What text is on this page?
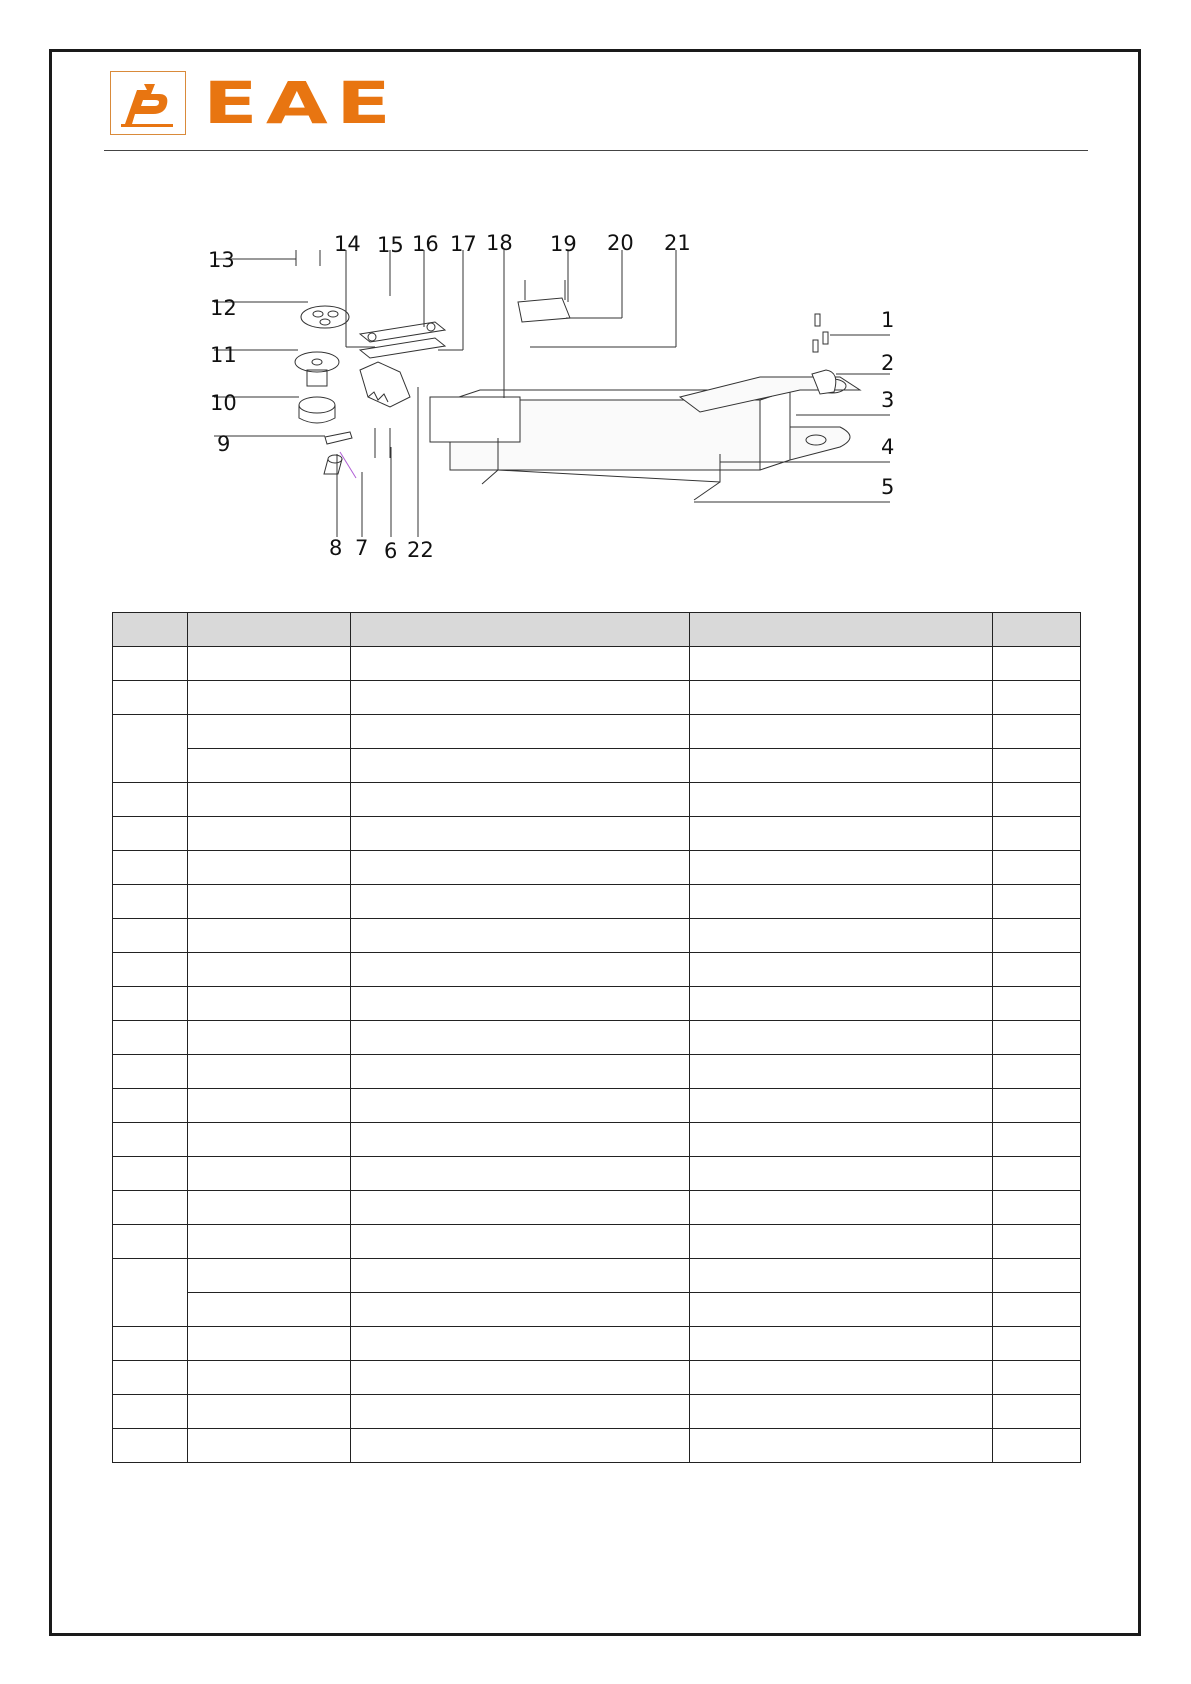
EAE
1
2
3
4
5
6
7
8
9
10
11
12
13
14 15 16 17 18 19 20 21
22
